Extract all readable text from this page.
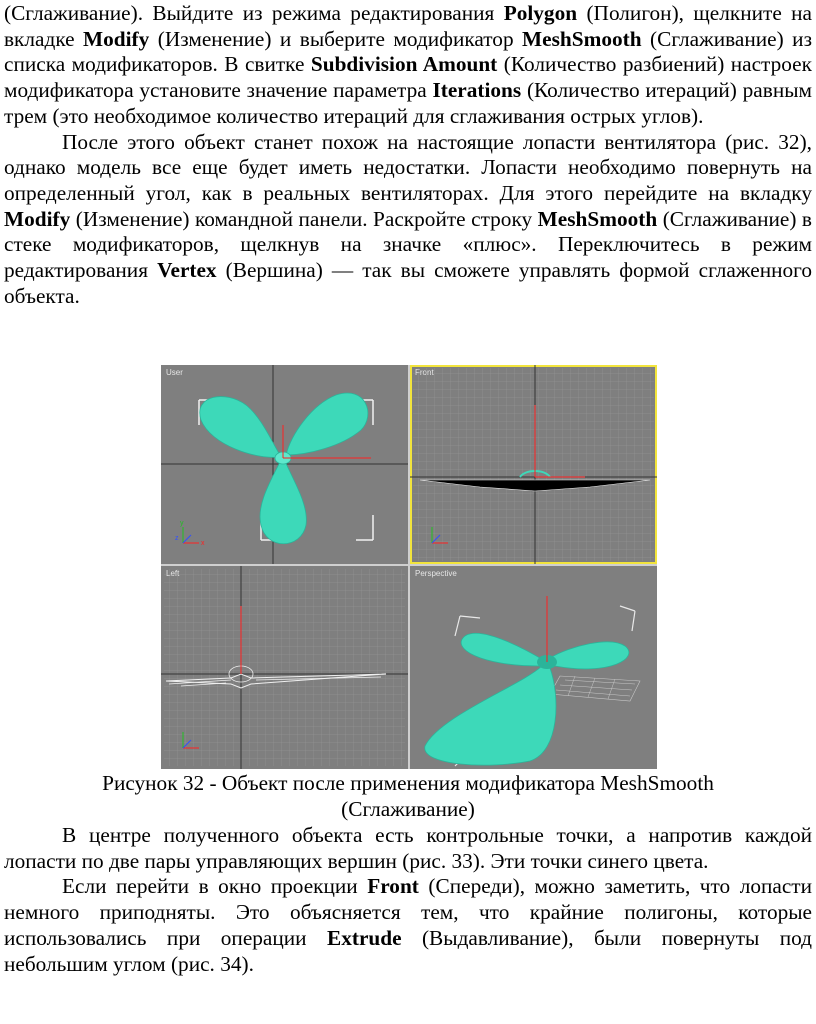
(Сглаживание). Выйдите из режима редактирования Polygon (Полигон), щелкните на вкладке Modify (Изменение) и выберите модификатор MeshSmooth (Сглаживание) из списка модификаторов. В свитке Subdivision Amount (Количество разбиений) настроек модификатора установите значение параметра Iterations (Количество итераций) равным трем (это необходимое количество итераций для сглаживания острых углов).

После этого объект станет похож на настоящие лопасти вентилятора (рис. 32), однако модель все еще будет иметь недостатки. Лопасти необходимо повернуть на определенный угол, как в реальных вентиляторах. Для этого перейдите на вкладку Modify (Изменение) командной панели. Раскройте строку MeshSmooth (Сглаживание) в стеке модификаторов, щелкнув на значке «плюс». Переключитесь в режим редактирования Vertex (Вершина) — так вы сможете управлять формой сглаженного объекта.

User
x
y
z
Perspective
Рисунок 32 - Объект после применения модификатора MeshSmooth
(Сглаживание)

В центре полученного объекта есть контрольные точки, а напротив каждой лопасти по две пары управляющих вершин (рис. 33). Эти точки синего цвета.

Если перейти в окно проекции Front (Спереди), можно заметить, что лопасти немного приподняты. Это объясняется тем, что крайние полигоны, которые использовались при операции Extrude (Выдавливание), были повернуты под небольшим углом (рис. 34).
